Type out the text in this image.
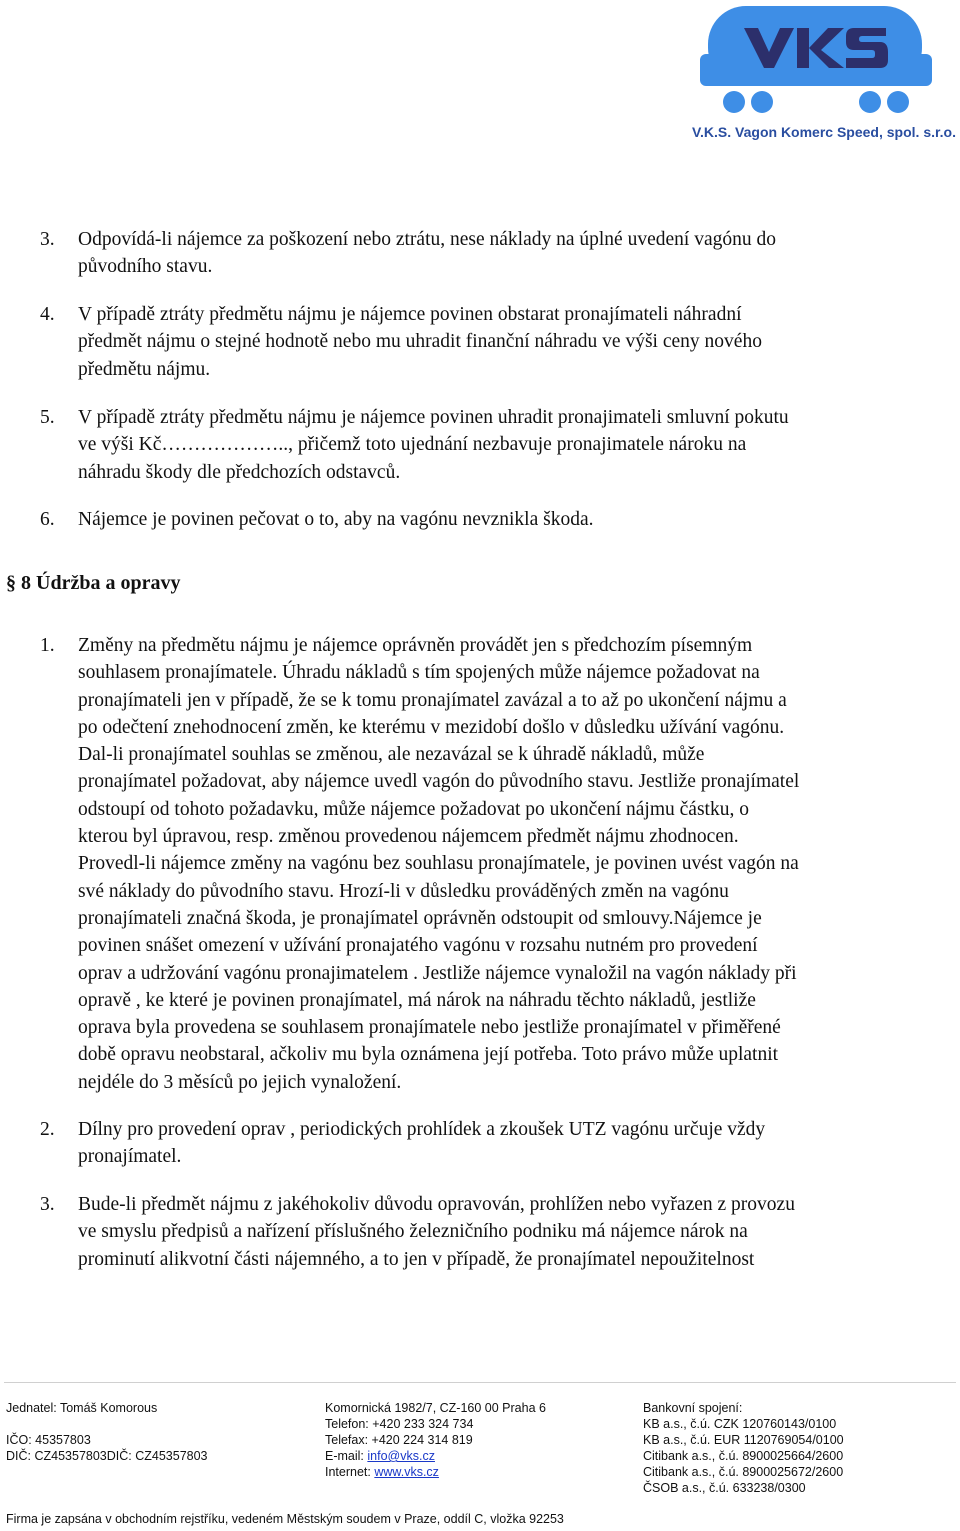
V.K.S. Vagon Komerc Speed, spol. s.r.o.
3.	Odpovídá-li nájemce za poškození nebo ztrátu, nese náklady na úplné uvedení vagónu do
původního stavu.
4.	V případě ztráty předmětu nájmu je nájemce povinen obstarat pronajímateli náhradní
předmět nájmu o stejné hodnotě nebo mu uhradit finanční náhradu ve výši ceny nového
předmětu nájmu.
5.	V případě ztráty předmětu nájmu je nájemce povinen uhradit pronajimateli smluvní pokutu
ve výši Kč……………….., přičemž toto ujednání nezbavuje pronajimatele nároku na
náhradu škody dle předchozích odstavců.
6.	Nájemce je povinen pečovat o to, aby na vagónu nevznikla škoda.
§ 8 Údržba a opravy
1.	Změny na předmětu nájmu je nájemce oprávněn provádět jen s předchozím písemným
souhlasem pronajímatele. Úhradu nákladů s tím spojených může nájemce požadovat na
pronajímateli jen v případě, že se k tomu pronajímatel zavázal a to až po ukončení nájmu a
po odečtení znehodnocení změn, ke kterému v mezidobí došlo v důsledku užívání vagónu.
Dal-li pronajímatel souhlas se změnou, ale nezavázal se k úhradě nákladů, může
pronajímatel požadovat, aby nájemce uvedl vagón do původního stavu. Jestliže pronajímatel
odstoupí od tohoto požadavku, může nájemce požadovat po ukončení nájmu částku, o
kterou byl úpravou, resp. změnou provedenou nájemcem předmět nájmu zhodnocen.
Provedl-li nájemce změny na vagónu bez souhlasu pronajímatele, je povinen uvést vagón na
své náklady do původního stavu. Hrozí-li v důsledku prováděných změn na vagónu
pronajímateli značná škoda, je pronajímatel oprávněn odstoupit od smlouvy.Nájemce je
povinen snášet omezení v užívání pronajatého vagónu v rozsahu nutném pro provedení
oprav a udržování vagónu pronajimatelem . Jestliže nájemce vynaložil na vagón náklady při
opravě , ke které je povinen pronajímatel, má nárok na náhradu těchto nákladů, jestliže
oprava byla provedena se souhlasem pronajímatele nebo jestliže pronajímatel v přiměřené
době opravu neobstaral, ačkoliv mu byla oznámena její potřeba. Toto právo může uplatnit
nejdéle do 3 měsíců po jejich vynaložení.
2.	Dílny pro provedení oprav , periodických prohlídek a zkoušek UTZ vagónu určuje vždy
pronajímatel.
3.	Bude-li předmět nájmu z jakéhokoliv důvodu opravován, prohlížen nebo vyřazen z provozu
ve smyslu předpisů a nařízení příslušného železničního podniku má nájemce nárok na
prominutí alikvotní části nájemného, a to jen v případě, že pronajímatel nepoužitelnost
Jednatel: Tomáš Komorous

IČO: 45357803
DIČ: CZ45357803DIČ: CZ45357803
Komornická 1982/7, CZ-160 00 Praha 6
Telefon: +420 233 324 734
Telefax: +420 224 314 819
E-mail: info@vks.cz
Internet: www.vks.cz
Bankovní spojení:
KB a.s., č.ú. CZK 120760143/0100
KB a.s., č.ú. EUR 1120769054/0100
Citibank a.s., č.ú. 8900025664/2600
Citibank a.s., č.ú. 8900025672/2600
ČSOB a.s., č.ú. 633238/0300
Firma je zapsána v obchodním rejstříku, vedeném Městským soudem v Praze, oddíl C, vložka 92253
